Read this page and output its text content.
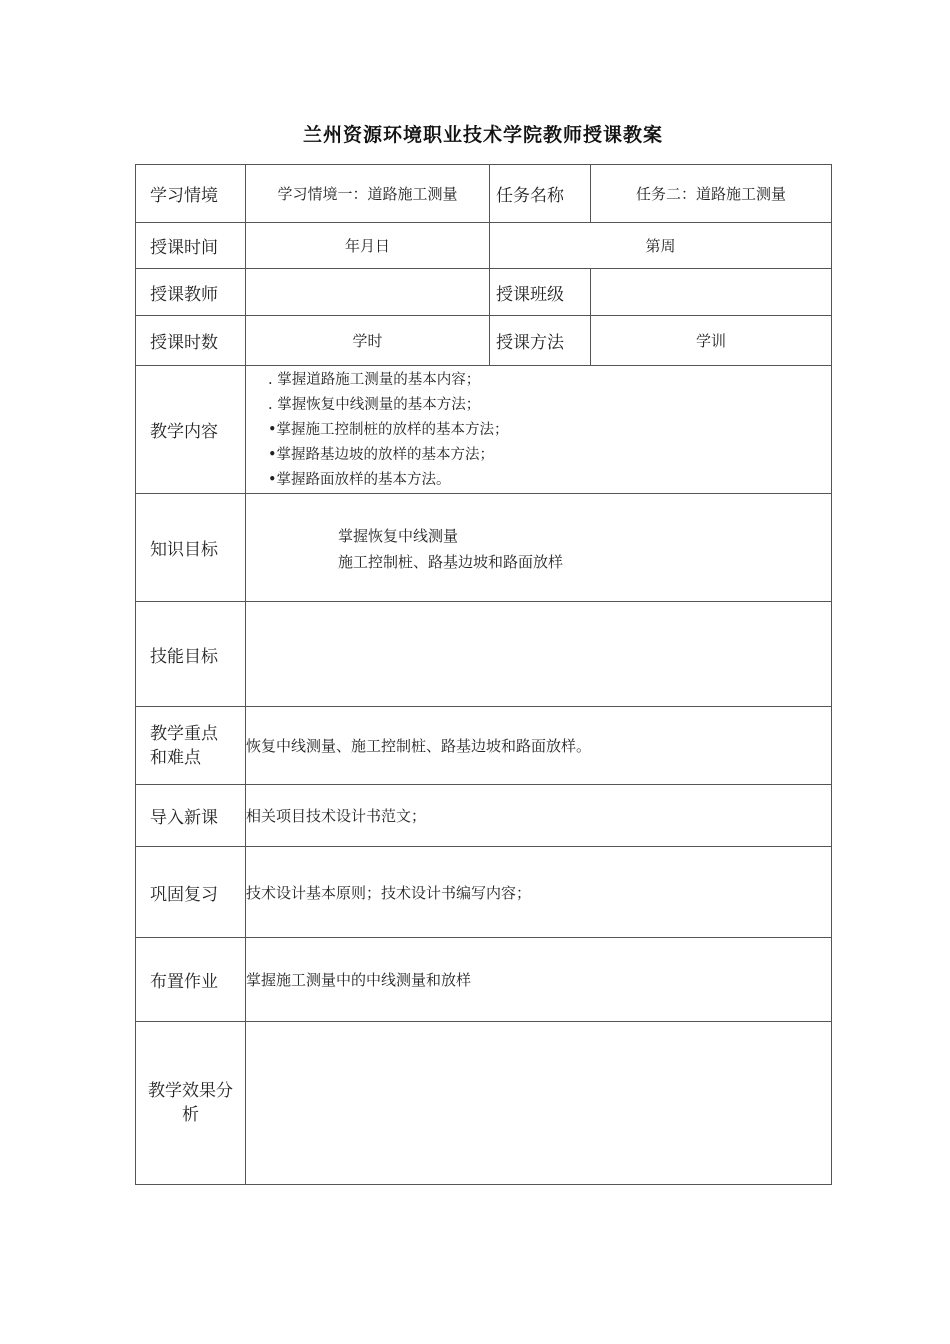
兰州资源环境职业技术学院教师授课教案
学习情境	学习情境一：道路施工测量	任务名称	任务二：道路施工测量
授课时间	年月日	第周	
授课教师		授课班级	
授课时数	学时	授课方法	学训
教学内容	. 掌握道路施工测量的基本内容；
. 掌握恢复中线测量的基本方法；
•掌握施工控制桩的放样的基本方法；
•掌握路基边坡的放样的基本方法；
•掌握路面放样的基本方法。		

知识目标	掌握恢复中线测量
施工控制桩、路基边坡和路面放样		

技能目标			

教学重点
和难点	恢复中线测量、施工控制桩、路基边坡和路面放样。		
导入新课	相关项目技术设计书范文；		
巩固复习	技术设计基本原则；技术设计书编写内容；		
布置作业	掌握施工测量中的中线测量和放样		

教学效果分
析			
